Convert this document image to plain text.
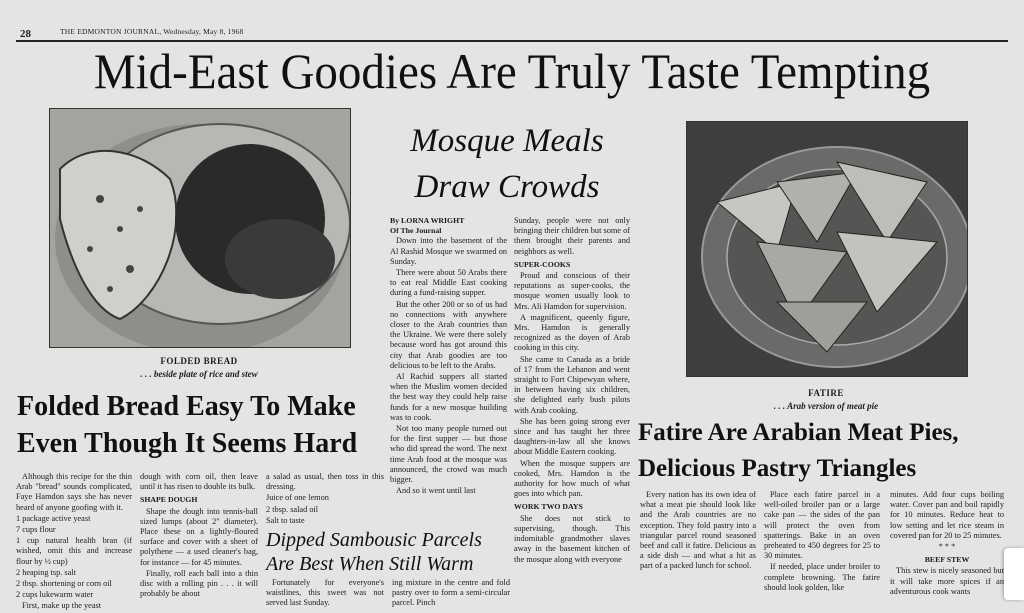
28	THE EDMONTON JOURNAL, Wednesday, May 8, 1968
Mid-East Goodies Are Truly Taste Tempting
FOLDED BREAD
. . . beside plate of rice and stew
Folded Bread Easy To Make
Even Though It Seems Hard

Although this recipe for the thin Arab "bread" sounds complicated, Faye Hamdon says she has never heard of anyone goofing with it.

1 package active yeast

7 cups flour

1 cup natural health bran (if wished, omit this and increase flour by ½ cup)

2 heaping tsp. salt

2 tbsp. shortening or corn oil

2 cups lukewarm water

First, make up the yeast

dough with corn oil, then leave until it has risen to double its bulk.

SHAPE DOUGH

Shape the dough into tennis-ball sized lumps (about 2" diameter). Place these on a lightly-floured surface and cover with a sheet of polythene — a used cleaner's bag, for instance — for 45 minutes.

Finally, roll each ball into a thin disc with a rolling pin . . . it will probably be about

a salad as usual, then toss in this dressing.

Juice of one lemon

2 tbsp. salad oil

Salt to taste

Dipped Sambousic Parcels
Are Best When Still Warm

Fortunately for everyone's waistlines, this sweet was not served last Sunday.

ing mixture in the centre and fold pastry over to form a semi-circular parcel. Pinch

Mosque Meals
Draw Crowds
By LORNA WRIGHT
Of The Journal

Down into the basement of the Al Rashid Mosque we swarmed on Sunday.

There were about 50 Arabs there to eat real Middle East cooking during a fund-raising supper.

But the other 200 or so of us had no connections with anywhere closer to the Arab countries than the Ukraine. We were there solely because word has got around this city that Arab goodies are too delicious to be left to the Arabs.

Al Rachid suppers all started when the Muslim women decided the best way they could help raise funds for a new mosque building was to cook.

Not too many people turned out for the first supper — but those who did spread the word. The next time Arab food at the mosque was announced, the crowd was much bigger.

And so it went until last

Sunday, people were not only bringing their children but some of them brought their parents and neighbors as well.

SUPER-COOKS

Proud and conscious of their reputations as super-cooks, the mosque women usually look to Mrs. Ali Hamdon for supervision.

A magnificent, queenly figure, Mrs. Hamdon is generally recognized as the doyen of Arab cooking in this city.

She came to Canada as a bride of 17 from the Lebanon and went straight to Fort Chipewyan where, in between having six children, she delighted early bush pilots with Arab cooking.

She has been going strong ever since and has taught her three daughters-in-law all she knows about Middle Eastern cooking.

When the mosque suppers are cooked, Mrs. Hamdon is the authority for how much of what goes into which pan.

WORK TWO DAYS

She does not stick to supervising, though. This indomitable grandmother slaves away in the basement kitchen of the mosque along with everyone

FATIRE
. . . Arab version of meat pie
Fatire Are Arabian Meat Pies,
Delicious Pastry Triangles

Every nation has its own idea of what a meat pie should look like and the Arab countries are no exception. They fold pastry into a triangular parcel round seasoned beef and call it fatire. Delicious as a side dish — and what a hit as part of a packed lunch for school.

Place each fatire parcel in a well-oiled broiler pan or a large cake pan — the sides of the pan will protect the oven from spatterings. Bake in an oven preheated to 450 degrees for 25 to 30 minutes.

If needed, place under broiler to complete browning. The fatire should look golden, like

minutes. Add four cups boiling water. Cover pan and boil rapidly for 10 minutes. Reduce heat to low setting and let rice steam in covered pan for 20 to 25 minutes.

* * *

BEEF STEW

This stew is nicely seasoned but it will take more spices if an adventurous cook wants
